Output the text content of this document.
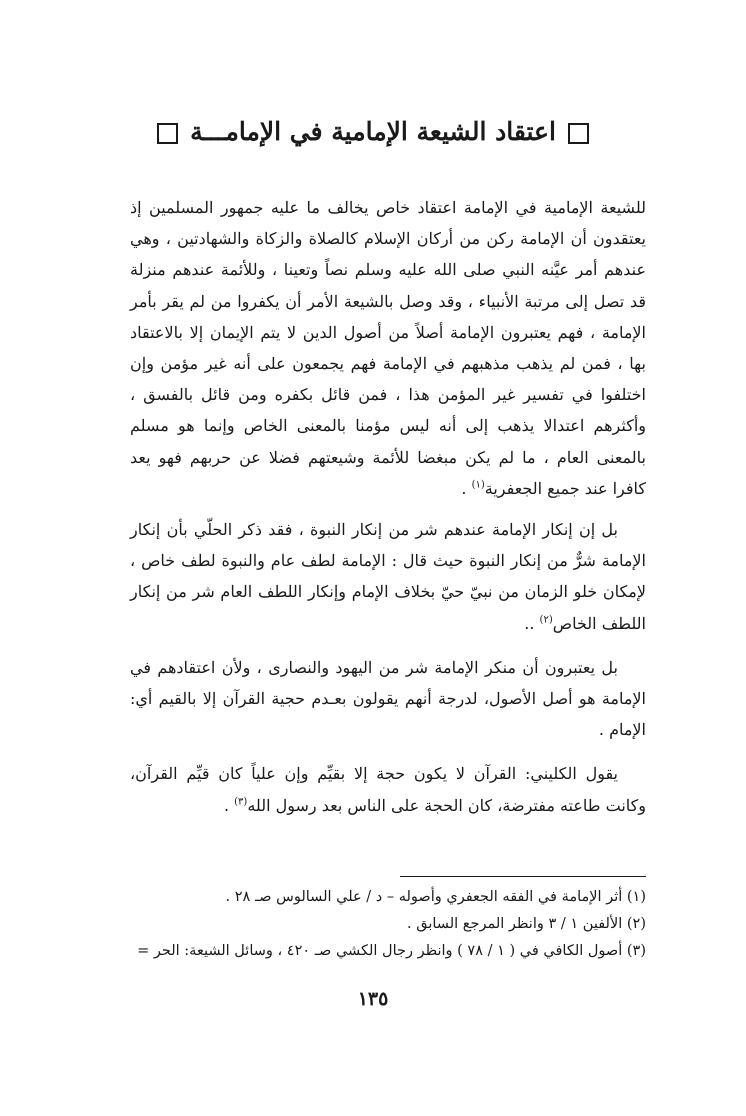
اعتقاد الشيعة الإمامية في الإمامـــة

للشيعة الإمامية في الإمامة اعتقاد خاص يخالف ما عليه جمهور المسلمين إذ يعتقدون أن الإمامة ركن من أركان الإسلام كالصلاة والزكاة والشهادتين ، وهي عندهم أمر عيَّنه النبي صلى الله عليه وسلم نصاً وتعينا ، وللأئمة عندهم منزلة قد تصل إلى مرتبة الأنبياء ، وقد وصل بالشيعة الأمر أن يكفروا من لم يقر بأمر الإمامة ، فهم يعتبرون الإمامة أصلاً من أصول الدين لا يتم الإيمان إلا بالاعتقاد بها ، فمن لم يذهب مذهبهم في الإمامة فهم يجمعون على أنه غير مؤمن وإن اختلفوا في تفسير غير المؤمن هذا ، فمن قائل بكفره ومن قائل بالفسق ، وأكثرهم اعتدالا يذهب إلى أنه ليس مؤمنا بالمعنى الخاص وإنما هو مسلم بالمعنى العام ، ما لم يكن مبغضا للأئمة وشيعتهم فضلا عن حربهم فهو يعد كافرا عند جميع الجعفرية$^{(١)}$ .

بل إن إنكار الإمامة عندهم شر من إنكار النبوة ، فقد ذكر الحلّي بأن إنكار الإمامة شرٌّ من إنكار النبوة حيث قال : الإمامة لطف عام والنبوة لطف خاص ، لإمكان خلو الزمان من نبيّ حيّ بخلاف الإمام وإنكار اللطف العام شر من إنكار اللطف الخاص$^{(٢)}$ ..

بل يعتبرون أن منكر الإمامة شر من اليهود والنصارى ، ولأن اعتقادهم في الإمامة هو أصل الأصول، لدرجة أنهم يقولون بعـدم حجية القرآن إلا بالقيم أي: الإمام .

يقول الكليني: القرآن لا يكون حجة إلا بقيِّم وإن علياً كان قيِّم القرآن، وكانت طاعته مفترضة، كان الحجة على الناس بعد رسول الله$^{(٣)}$ .

(١) أثر الإمامة في الفقه الجعفري وأصوله – د / علي السالوس صـ ٢٨ .
(٢) الألفين ١ / ٣ وانظر المرجع السابق .
(٣) أصول الكافي في ( ١ / ٧٨ ) وانظر رجال الكشي صـ ٤٢٠ ، وسائل الشيعة: الحر =
١٣٥
